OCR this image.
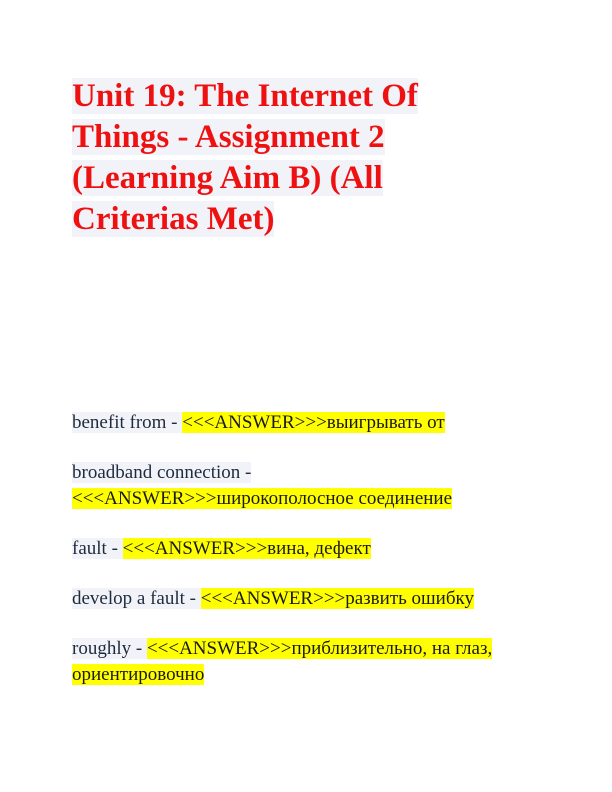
Unit 19: The Internet Of
Things - Assignment 2
(Learning Aim B) (All
Criterias Met)
benefit from - <<<ANSWER>>>выигрывать от
broadband connection -
<<<ANSWER>>>широкополосное соединение
fault - <<<ANSWER>>>вина, дефект
develop a fault - <<<ANSWER>>>развить ошибку
roughly - <<<ANSWER>>>приблизительно, на глаз, ориентировочно
